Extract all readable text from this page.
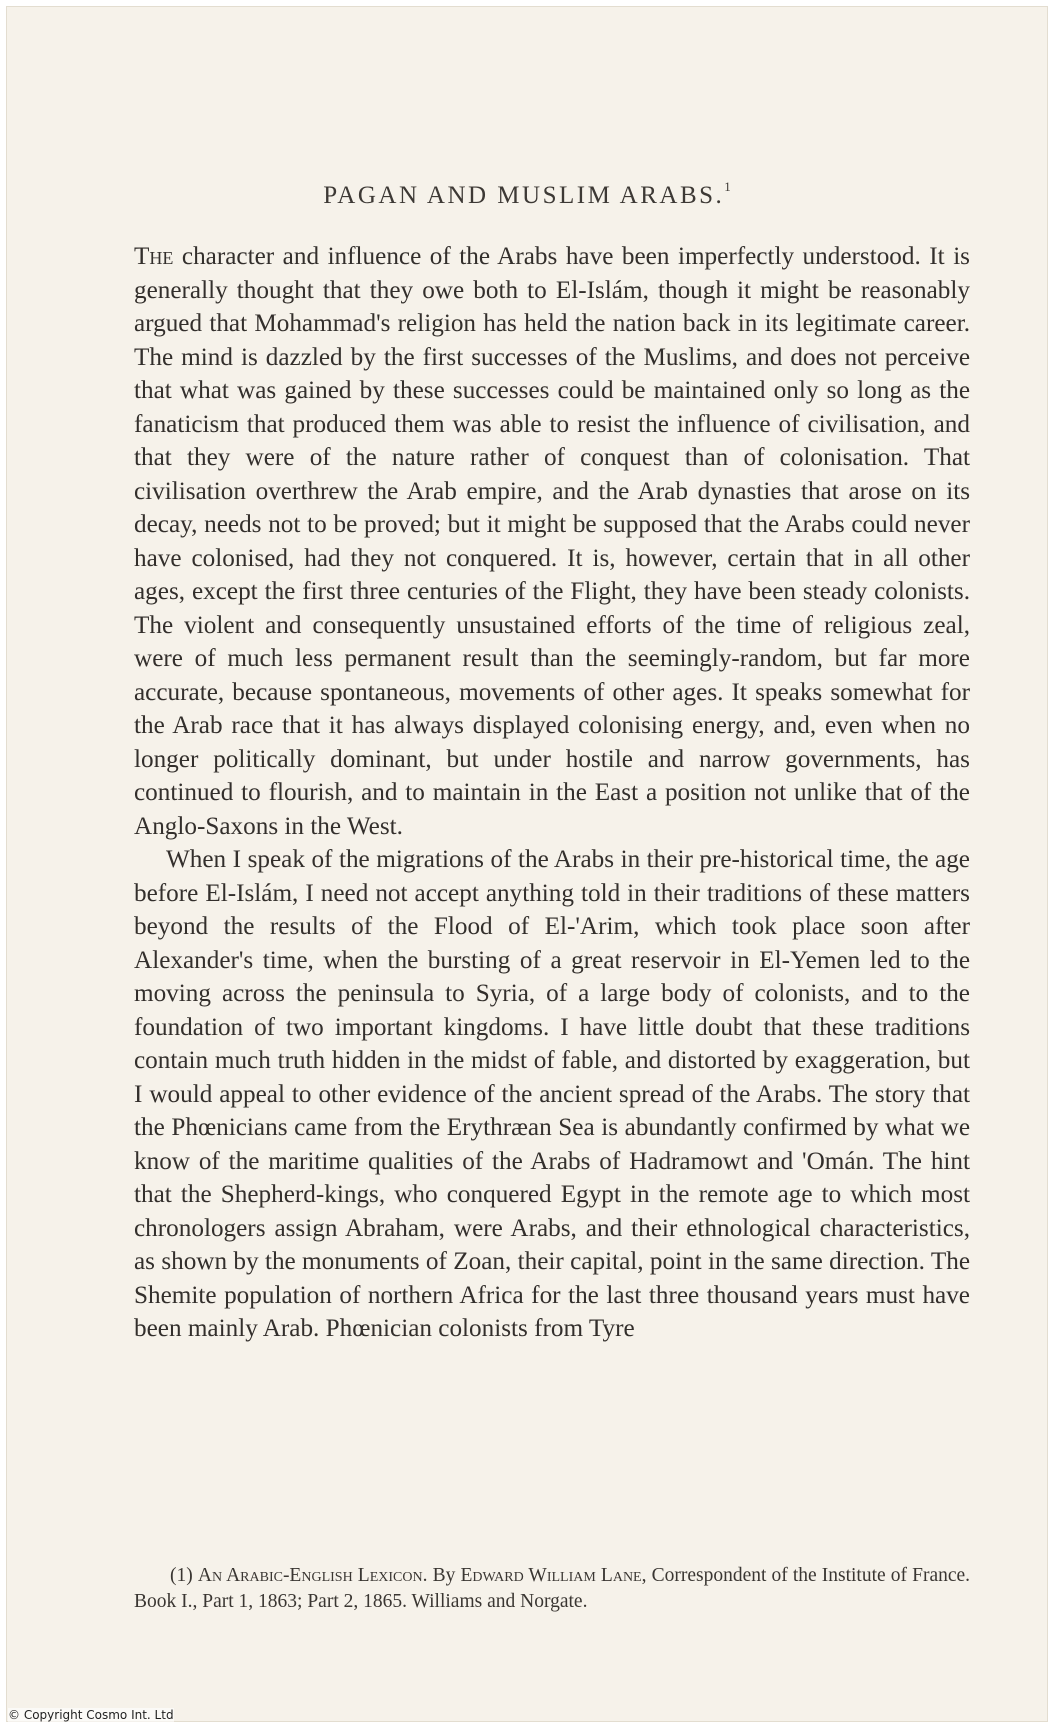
PAGAN AND MUSLIM ARABS.$^1$

The character and influence of the Arabs have been imperfectly understood. It is generally thought that they owe both to El-Islám, though it might be reasonably argued that Mohammad's religion has held the nation back in its legitimate career. The mind is dazzled by the first successes of the Muslims, and does not perceive that what was gained by these successes could be maintained only so long as the fanaticism that produced them was able to resist the influence of civilisation, and that they were of the nature rather of conquest than of colonisation. That civilisation overthrew the Arab empire, and the Arab dynasties that arose on its decay, needs not to be proved; but it might be supposed that the Arabs could never have colonised, had they not conquered. It is, however, certain that in all other ages, except the first three centuries of the Flight, they have been steady colonists. The violent and consequently unsustained efforts of the time of religious zeal, were of much less permanent result than the seemingly-random, but far more accurate, because spontaneous, movements of other ages. It speaks somewhat for the Arab race that it has always displayed colonising energy, and, even when no longer politically dominant, but under hostile and narrow governments, has continued to flourish, and to maintain in the East a position not unlike that of the Anglo-Saxons in the West.

When I speak of the migrations of the Arabs in their pre-historical time, the age before El-Islám, I need not accept anything told in their traditions of these matters beyond the results of the Flood of El-'Arim, which took place soon after Alexander's time, when the bursting of a great reservoir in El-Yemen led to the moving across the peninsula to Syria, of a large body of colonists, and to the foundation of two important kingdoms. I have little doubt that these traditions contain much truth hidden in the midst of fable, and distorted by exaggeration, but I would appeal to other evidence of the ancient spread of the Arabs. The story that the Phœnicians came from the Erythræan Sea is abundantly confirmed by what we know of the maritime qualities of the Arabs of Hadramowt and 'Omán. The hint that the Shepherd-kings, who conquered Egypt in the remote age to which most chronologers assign Abraham, were Arabs, and their ethnological characteristics, as shown by the monuments of Zoan, their capital, point in the same direction. The Shemite population of northern Africa for the last three thousand years must have been mainly Arab. Phœnician colonists from Tyre

(1) An Arabic-English Lexicon. By Edward William Lane, Correspondent of the Institute of France. Book I., Part 1, 1863; Part 2, 1865. Williams and Norgate.
© Copyright Cosmo Int. Ltd
